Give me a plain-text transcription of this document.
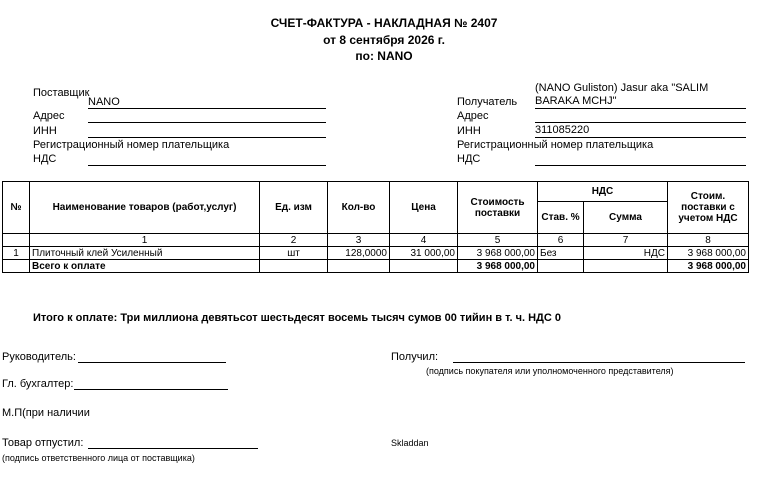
СЧЕТ-ФАКТУРА - НАКЛАДНАЯ № 2407
от 8 сентября 2026 г.
по: NANO
Поставщик
NANO
Адрес
ИНН
Регистрационный номер плательщика
НДС
(NANO Guliston) Jasur aka "SALIM
Получатель BARAKA MCHJ"
Адрес
ИНН	311085220
Регистрационный номер плательщика
НДС
№	Наименование товаров (работ,услуг)	Ед. изм	Кол-во	Цена	Стоимость поставки	НДС		Стоим. поставки с учетом НДС
						Став. %	Сумма	
	1	2	3	4	5	6	7	8
1	Плиточный клей Усиленный	шт	128,0000	31 000,00	3 968 000,00	Без	НДС	3 968 000,00
	Всего к оплате				3 968 000,00			3 968 000,00
Итого к оплате: Три миллиона девятьсот шестьдесят восемь тысяч сумов 00 тийин в т. ч. НДС 0
Руководитель:
Гл. бухгалтер:
М.П(при наличии
Товар отпустил:
(подпись ответственного лица от поставщика)
Получил:
(подпись покупателя или уполномоченного представителя)
Skladdan
